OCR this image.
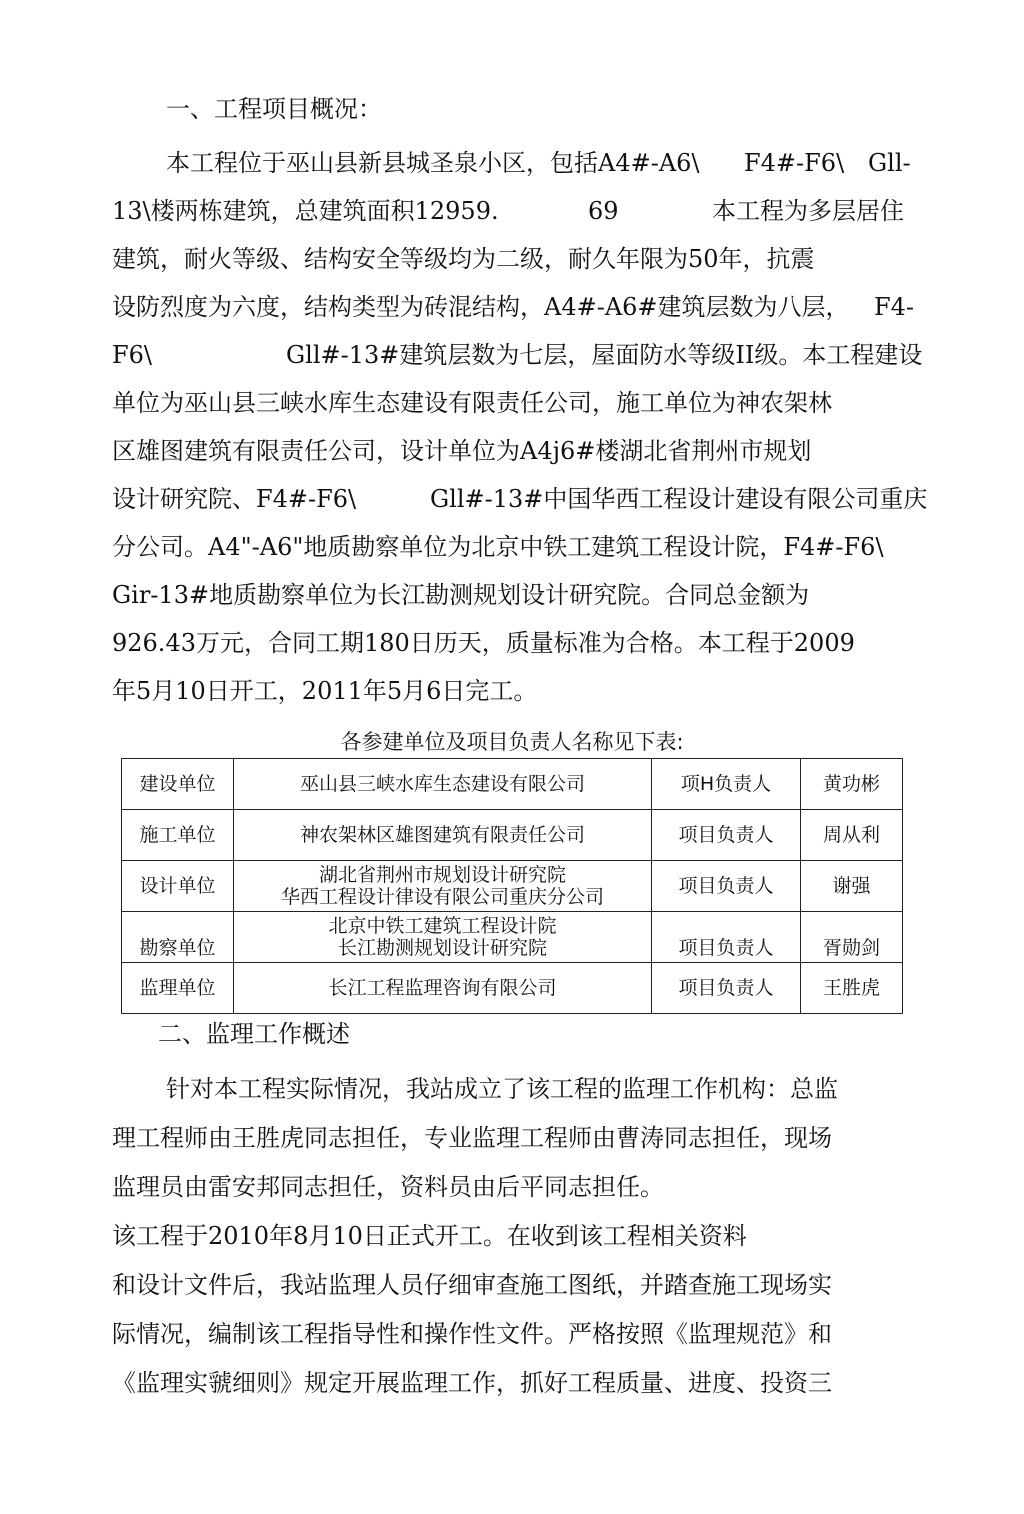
一、工程项目概况：
本工程位于巫山县新县城圣泉小区，包括A4#-A6\ F4#-F6\ Gll-
13\楼两栋建筑，总建筑面积12959.	69	本工程为多层居住
建筑，耐火等级、结构安全等级均为二级，耐久年限为50年，抗震
设防烈度为六度，结构类型为砖混结构，A4#-A6#建筑层数为八层， F4-
F6\	Gll#-13#建筑层数为七层，屋面防水等级II级。本工程建设
单位为巫山县三峡水库生态建设有限责任公司，施工单位为神农架林
区雄图建筑有限责任公司，设计单位为A4j6#楼湖北省荆州市规划
设计研究院、F4#-F6\	Gll#-13#中国华西工程设计建设有限公司重庆
分公司。A4"-A6"地质勘察单位为北京中铁工建筑工程设计院，F4#-F6\
Gir-13#地质勘察单位为长江勘测规划设计研究院。合同总金额为
926.43万元，合同工期180日历天，质量标准为合格。本工程于2009
年5月10日开工，2011年5月6日完工。
各参建单位及项目负责人名称见下表:
建设单位	巫山县三峡水库生态建设有限公司	项H负责人	黄功彬
施工单位	神农架林区雄图建筑有限责任公司	项目负责人	周从利
设计单位	湖北省荆州市规划设计研究院
华西工程设计律设有限公司重庆分公司	项目负责人	谢强
勘察单位	北京中铁工建筑工程设计院
长江勘测规划设计研究院	项目负责人	胥勋剑
监理单位	长江工程监理咨询有限公司	项目负责人	王胜虎
二、监理工作概述
针对本工程实际情况，我站成立了该工程的监理工作机构：总监
理工程师由王胜虎同志担任，专业监理工程师由曹涛同志担任，现场
监理员由雷安邦同志担任，资料员由后平同志担任。
该工程于2010年8月10日正式开工。在收到该工程相关资料
和设计文件后，我站监理人员仔细审查施工图纸，并踏查施工现场实
际情况，编制该工程指导性和操作性文件。严格按照《监理规范》和
《监理实虢细则》规定开展监理工作，抓好工程质量、进度、投资三
